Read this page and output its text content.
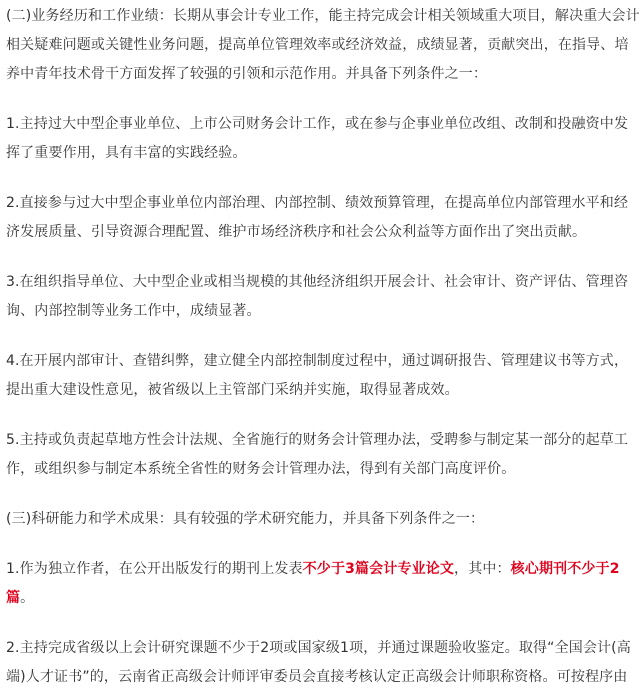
(二)业务经历和工作业绩：长期从事会计专业工作，能主持完成会计相关领域重大项目，解决重大会计相关疑难问题或关键性业务问题，提高单位管理效率或经济效益，成绩显著，贡献突出，在指导、培养中青年技术骨干方面发挥了较强的引领和示范作用。并具备下列条件之一：

1.主持过大中型企事业单位、上市公司财务会计工作，或在参与企事业单位改组、改制和投融资中发挥了重要作用，具有丰富的实践经验。

2.直接参与过大中型企事业单位内部治理、内部控制、绩效预算管理，在提高单位内部管理水平和经济发展质量、引导资源合理配置、维护市场经济秩序和社会公众利益等方面作出了突出贡献。

3.在组织指导单位、大中型企业或相当规模的其他经济组织开展会计、社会审计、资产评估、管理咨询、内部控制等业务工作中，成绩显著。

4.在开展内部审计、查错纠弊，建立健全内部控制制度过程中，通过调研报告、管理建议书等方式，提出重大建设性意见，被省级以上主管部门采纳并实施，取得显著成效。

5.主持或负责起草地方性会计法规、全省施行的财务会计管理办法，受聘参与制定某一部分的起草工作，或组织参与制定本系统全省性的财务会计管理办法，得到有关部门高度评价。

(三)科研能力和学术成果：具有较强的学术研究能力，并具备下列条件之一：

1.作为独立作者，在公开出版发行的期刊上发表不少于3篇会计专业论文，其中：核心期刊不少于2篇。

2.主持完成省级以上会计研究课题不少于2项或国家级1项，并通过课题验收鉴定。取得“全国会计(高端)人才证书”的，云南省正高级会计师评审委员会直接考核认定正高级会计师职称资格。可按程序由
